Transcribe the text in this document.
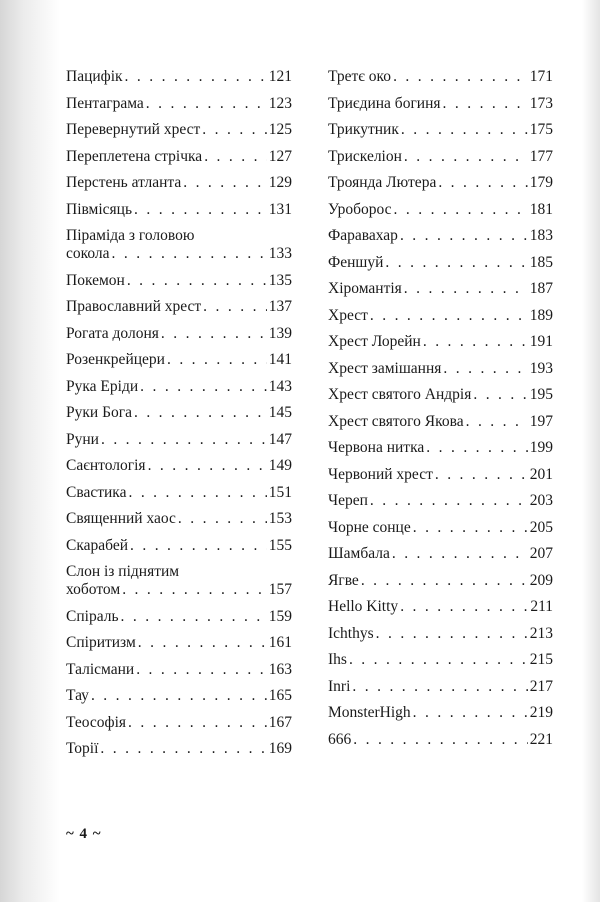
Пацифік . . .	121
Пентаграма . . .	123
Перевернутий хрест . . .	125
Переплетена стрічка . . .	127
Перстень атланта . . .	129
Півмісяць . . .	131
Піраміда з головою
сокола . . .	133
Покемон . . .	135
Православний хрест . . .	137
Рогата долоня . . .	139
Розенкрейцери . . .	141
Рука Еріди . . .	143
Руки Бога . . .	145
Руни . . .	147
Саєнтологія . . .	149
Свастика . . .	151
Священний хаос . . .	153
Скарабей . . .	155
Слон із піднятим
хоботом . . .	157
Спіраль . . .	159
Спіритизм . . .	161
Талісмани . . .	163
Тау . . .	165
Теософія . . .	167
Торії . . .	169
Третє око . . .	171
Триєдина богиня . . .	173
Трикутник . . .	175
Трискеліон . . .	177
Троянда Лютера . . .	179
Уроборос . . .	181
Фаравахар . . .	183
Феншуй . . .	185
Хіромантія . . .	187
Хрест . . .	189
Хрест Лорейн . . .	191
Хрест замішання . . .	193
Хрест святого Андрія . . .	195
Хрест святого Якова . . .	197
Червона нитка . . .	199
Червоний хрест . . .	201
Череп . . .	203
Чорне сонце . . .	205
Шамбала . . .	207
Ягве . . .	209
Hello Kitty . . .	211
Ichthys . . .	213
Ihs . . .	215
Inri . . .	217
MonsterHigh . . .	219
666 . . .	221
~ 4 ~
